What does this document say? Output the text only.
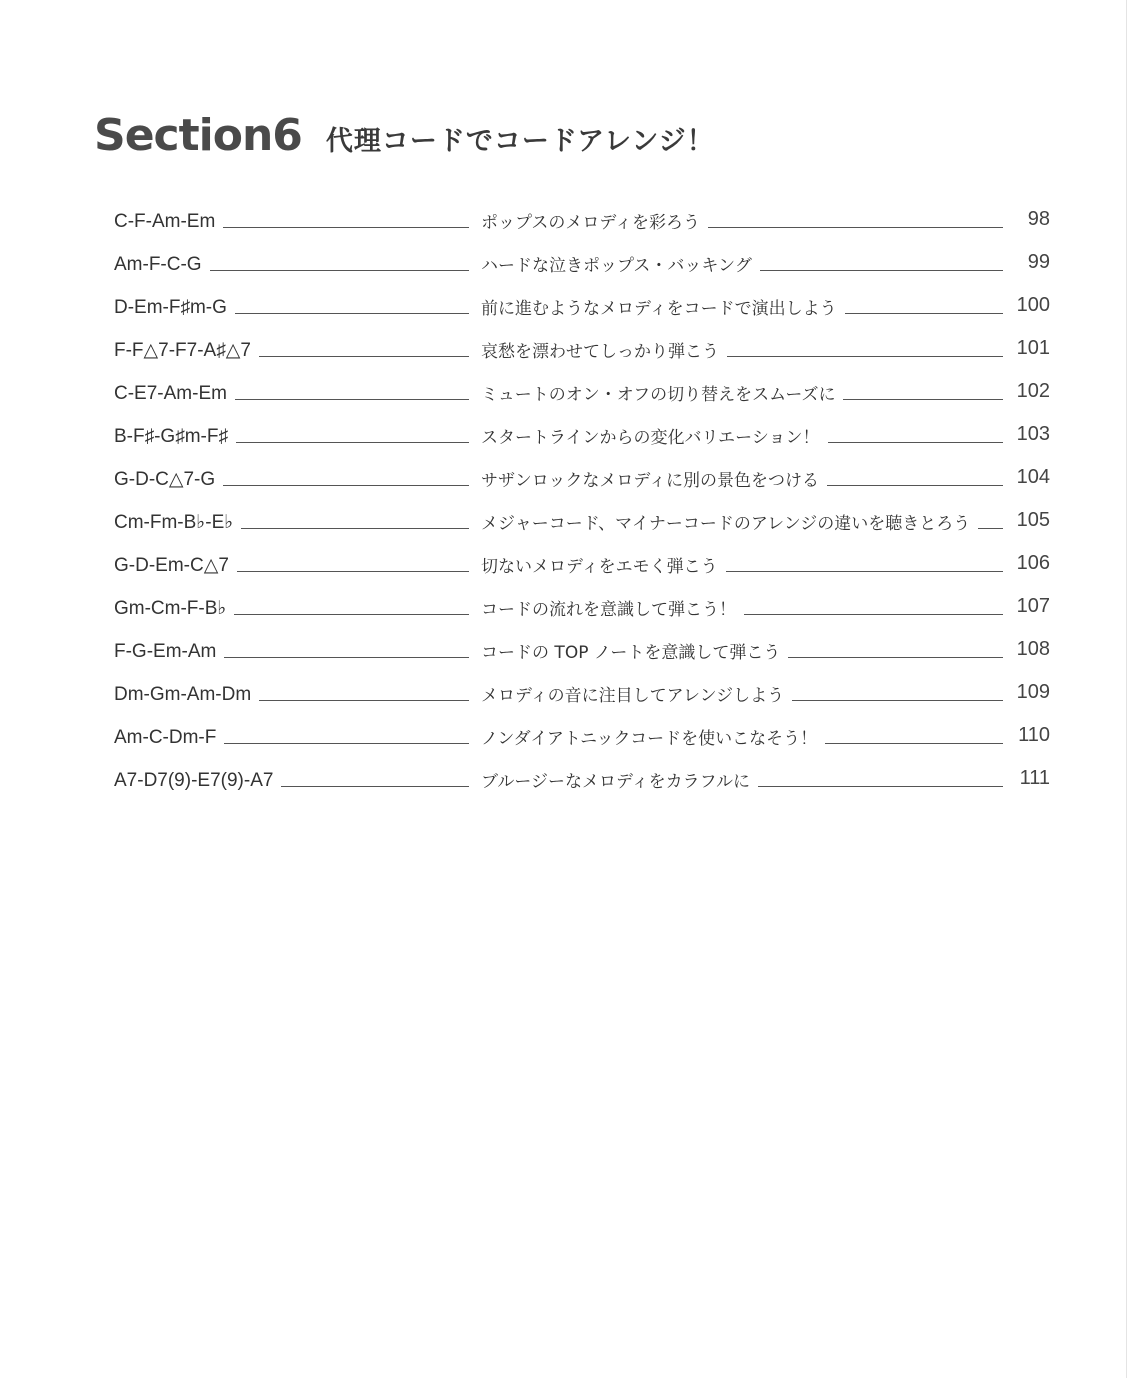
Section6 代理コードでコードアレンジ！
C-F-Am-Em	ポップスのメロディを彩ろう	98
Am-F-C-G	ハードな泣きポップス・バッキング	99
D-Em-F♯m-G	前に進むようなメロディをコードで演出しよう	100
F-F△7-F7-A♯△7	哀愁を漂わせてしっかり弾こう	101
C-E7-Am-Em	ミュートのオン・オフの切り替えをスムーズに	102
B-F♯-G♯m-F♯	スタートラインからの変化バリエーション！	103
G-D-C△7-G	サザンロックなメロディに別の景色をつける	104
Cm-Fm-B♭-E♭	メジャーコード、マイナーコードのアレンジの違いを聴きとろう	105
G-D-Em-C△7	切ないメロディをエモく弾こう	106
Gm-Cm-F-B♭	コードの流れを意識して弾こう！	107
F-G-Em-Am	コードの TOP ノートを意識して弾こう	108
Dm-Gm-Am-Dm	メロディの音に注目してアレンジしよう	109
Am-C-Dm-F	ノンダイアトニックコードを使いこなそう！	110
A7-D7(9)-E7(9)-A7	ブルージーなメロディをカラフルに	111
